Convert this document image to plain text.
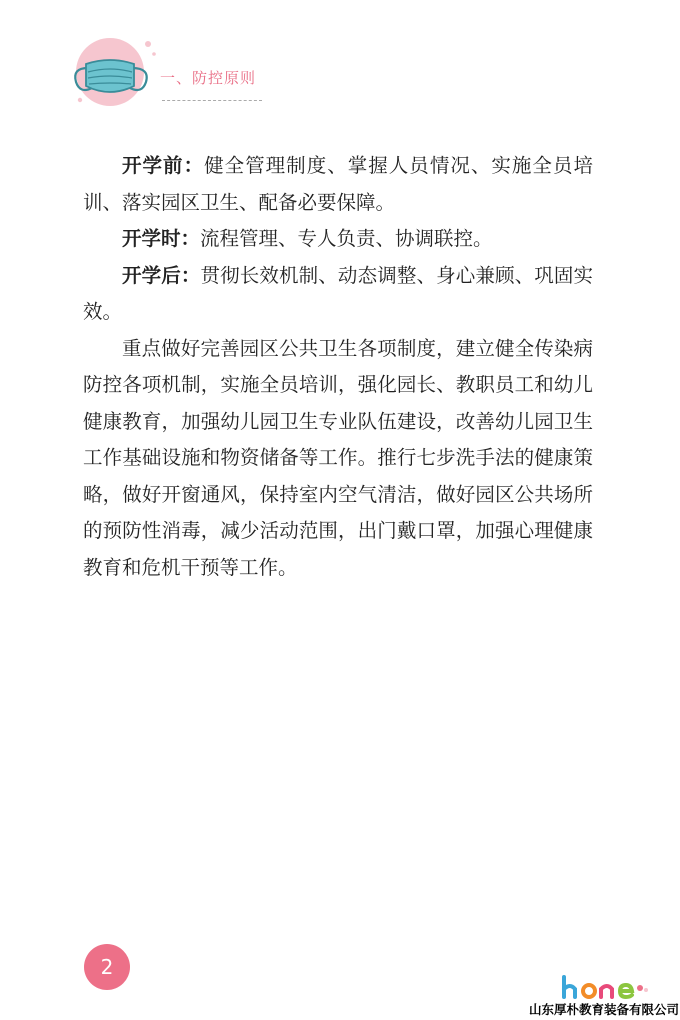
一、防控原则

开学前：健全管理制度、掌握人员情况、实施全员培训、落实园区卫生、配备必要保障。

开学时：流程管理、专人负责、协调联控。

开学后：贯彻长效机制、动态调整、身心兼顾、巩固实效。

重点做好完善园区公共卫生各项制度，建立健全传染病防控各项机制，实施全员培训，强化园长、教职员工和幼儿健康教育，加强幼儿园卫生专业队伍建设，改善幼儿园卫生工作基础设施和物资储备等工作。推行七步洗手法的健康策略，做好开窗通风，保持室内空气清洁，做好园区公共场所的预防性消毒，减少活动范围，出门戴口罩，加强心理健康教育和危机干预等工作。

2
山东厚朴教育装备有限公司
